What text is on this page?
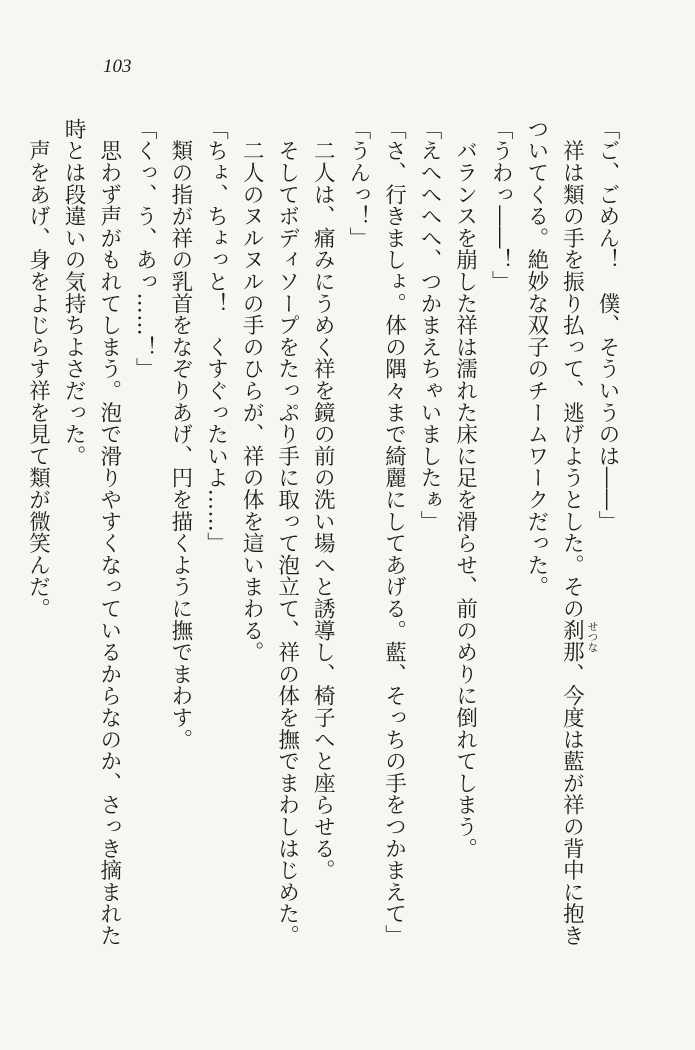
103
「ご、ごめん！　僕、そういうのは――」
　祥は類の手を振り払って、逃げようとした。その刹那 せつな
、今度は藍が祥の背中に抱き
ついてくる。絶妙な双子のチームワークだった。
「うわっ――！」
　バランスを崩した祥は濡れた床に足を滑らせ、前のめりに倒れてしまう。
「えへへへへ、つかまえちゃいましたぁ」
「さ、行きましょ。体の隅々まで綺麗にしてあげる。藍、そっちの手をつかまえて」
「うんっ！」
　二人は、痛みにうめく祥を鏡の前の洗い場へと誘導し、椅子へと座らせる。
　そしてボディソープをたっぷり手に取って泡立て、祥の体を撫でまわしはじめた。
　二人のヌルヌルの手のひらが、祥の体を這いまわる。
「ちょ、ちょっと！　くすぐったいよ……」
　類の指が祥の乳首をなぞりあげ、円を描くように撫でまわす。
「くっ、う、あっ……！」
　思わず声がもれてしまう。泡で滑りやすくなっているからなのか、さっき摘まれた
時とは段違いの気持ちよさだった。
　声をあげ、身をよじらす祥を見て類が微笑んだ。
